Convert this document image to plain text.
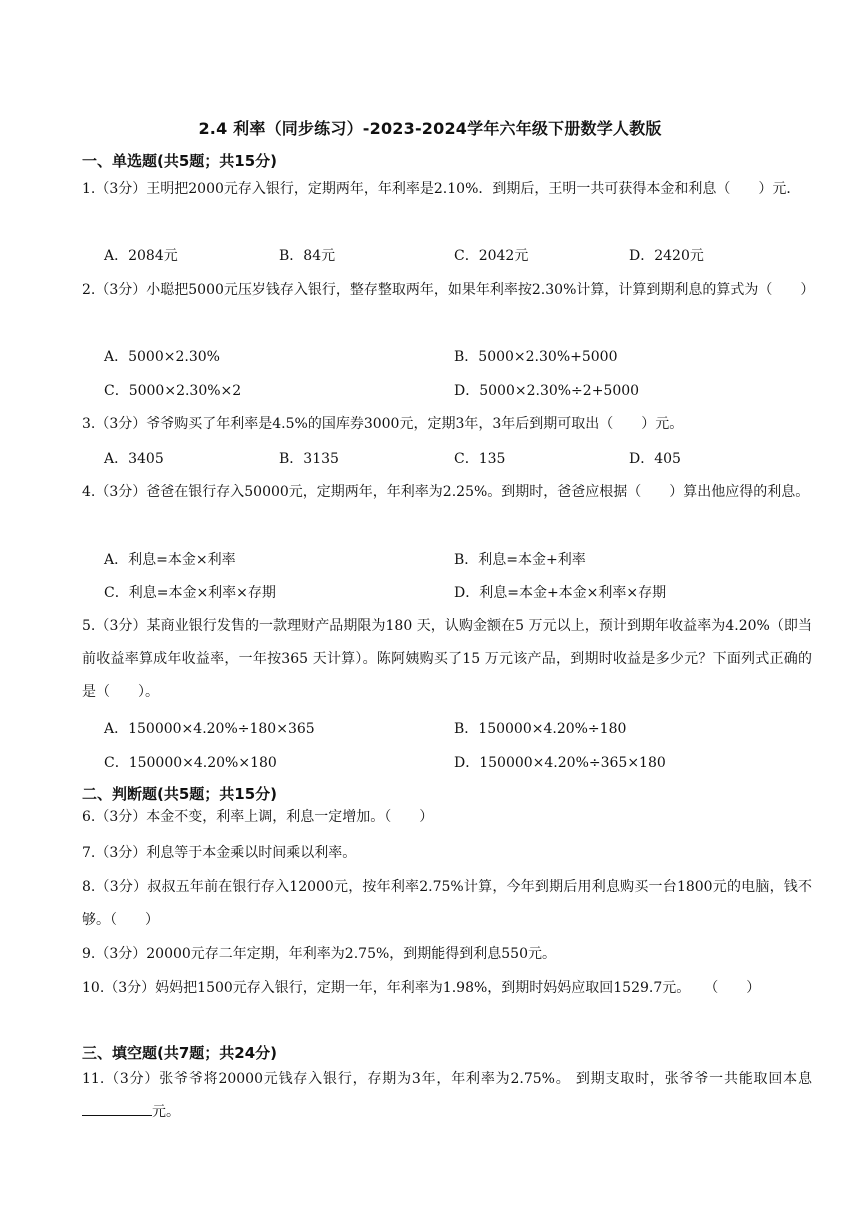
2.4 利率（同步练习）-2023-2024学年六年级下册数学人教版
一、单选题(共5题；共15分)
1.（3分）王明把2000元存入银行，定期两年，年利率是2.10%．到期后，王明一共可获得本金和利息（　　）元．
A．2084元	B．84元	C．2042元	D．2420元
2.（3分）小聪把5000元压岁钱存入银行，整存整取两年，如果年利率按2.30%计算，计算到期利息的算式为（　　）
A．5000×2.30%	B．5000×2.30%+5000
C．5000×2.30%×2	D．5000×2.30%÷2+5000
3.（3分）爷爷购买了年利率是4.5%的国库券3000元，定期3年，3年后到期可取出（　　）元。
A．3405	B．3135	C．135	D．405
4.（3分）爸爸在银行存入50000元，定期两年，年利率为2.25%。到期时，爸爸应根据（　　）算出他应得的利息。
A．利息=本金×利率	B．利息=本金+利率
C．利息=本金×利率×存期	D．利息=本金+本金×利率×存期
5.（3分）某商业银行发售的一款理财产品期限为180 天，认购金额在5 万元以上，预计到期年收益率为4.20%（即当前收益率算成年收益率，一年按365 天计算）。陈阿姨购买了15 万元该产品，到期时收益是多少元？下面列式正确的是（　　）。
A．150000×4.20%÷180×365	B．150000×4.20%÷180
C．150000×4.20%×180	D．150000×4.20%÷365×180
二、判断题(共5题；共15分)
6.（3分）本金不变，利率上调，利息一定增加。（　　）
7.（3分）利息等于本金乘以时间乘以利率。
8.（3分）叔叔五年前在银行存入12000元，按年利率2.75%计算，今年到期后用利息购买一台1800元的电脑，钱不够。（　　）
9.（3分）20000元存二年定期，年利率为2.75%，到期能得到利息550元。
10.（3分）妈妈把1500元存入银行，定期一年，年利率为1.98%，到期时妈妈应取回1529.7元。　　（　　）
三、填空题(共7题；共24分)
11.（3分）张爷爷将20000元钱存入银行，存期为3年，年利率为2.75%。 到期支取时，张爷爷一共能取回本息元。
